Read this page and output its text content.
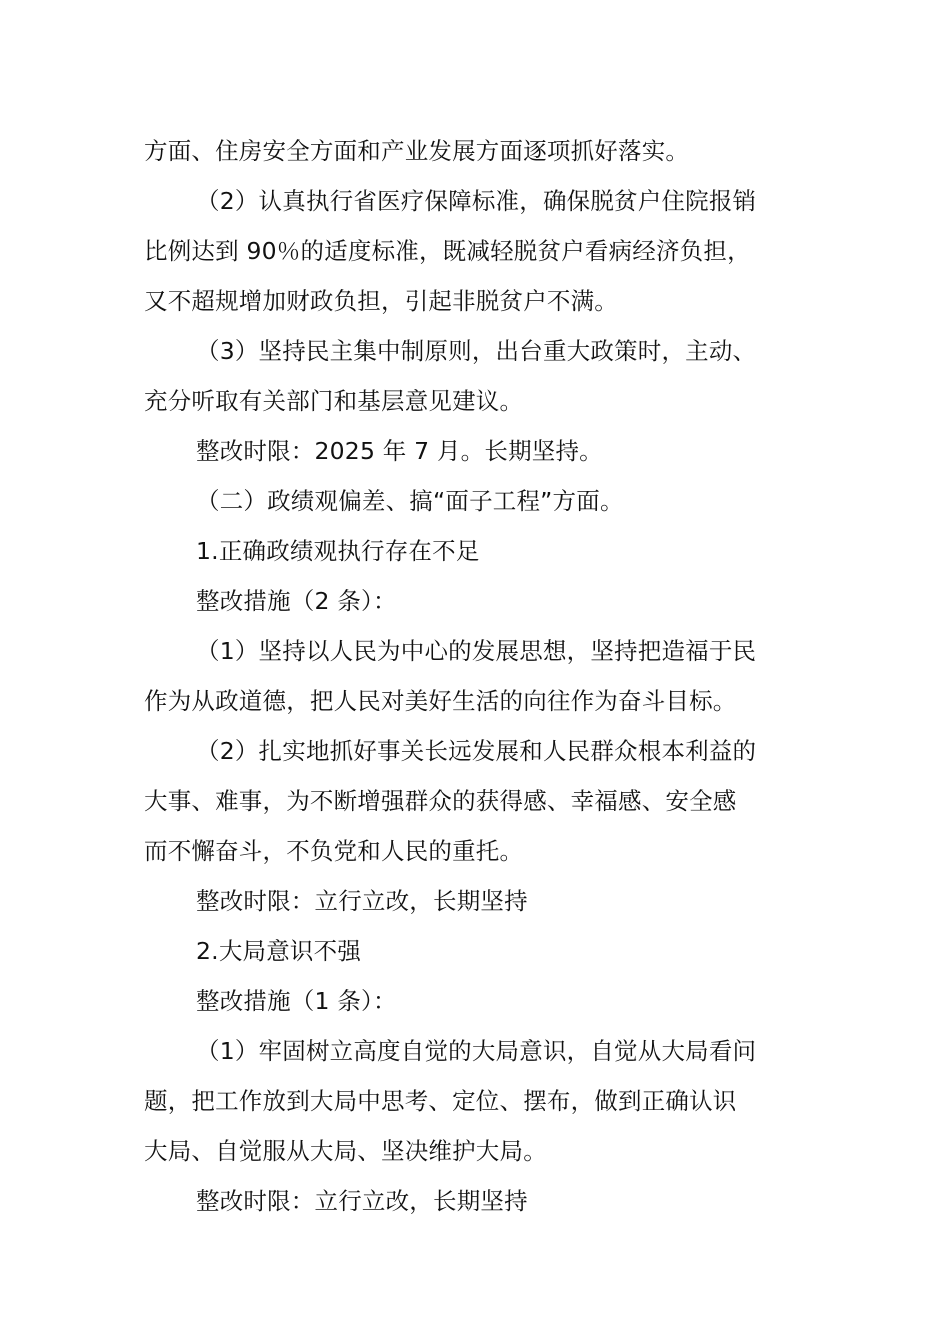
方面、住房安全方面和产业发展方面逐项抓好落实。
（2）认真执行省医疗保障标准，确保脱贫户住院报销
比例达到 90％的适度标准，既减轻脱贫户看病经济负担，
又不超规增加财政负担，引起非脱贫户不满。
（3）坚持民主集中制原则，出台重大政策时，主动、
充分听取有关部门和基层意见建议。
整改时限：2025 年 7 月。长期坚持。
（二）政绩观偏差、搞“面子工程”方面。
1.正确政绩观执行存在不足
整改措施（2 条）：
（1）坚持以人民为中心的发展思想，坚持把造福于民
作为从政道德，把人民对美好生活的向往作为奋斗目标。
（2）扎实地抓好事关长远发展和人民群众根本利益的
大事、难事，为不断增强群众的获得感、幸福感、安全感
而不懈奋斗，不负党和人民的重托。
整改时限：立行立改，长期坚持
2.大局意识不强
整改措施（1 条）：
（1）牢固树立高度自觉的大局意识，自觉从大局看问
题，把工作放到大局中思考、定位、摆布，做到正确认识
大局、自觉服从大局、坚决维护大局。
整改时限：立行立改，长期坚持
